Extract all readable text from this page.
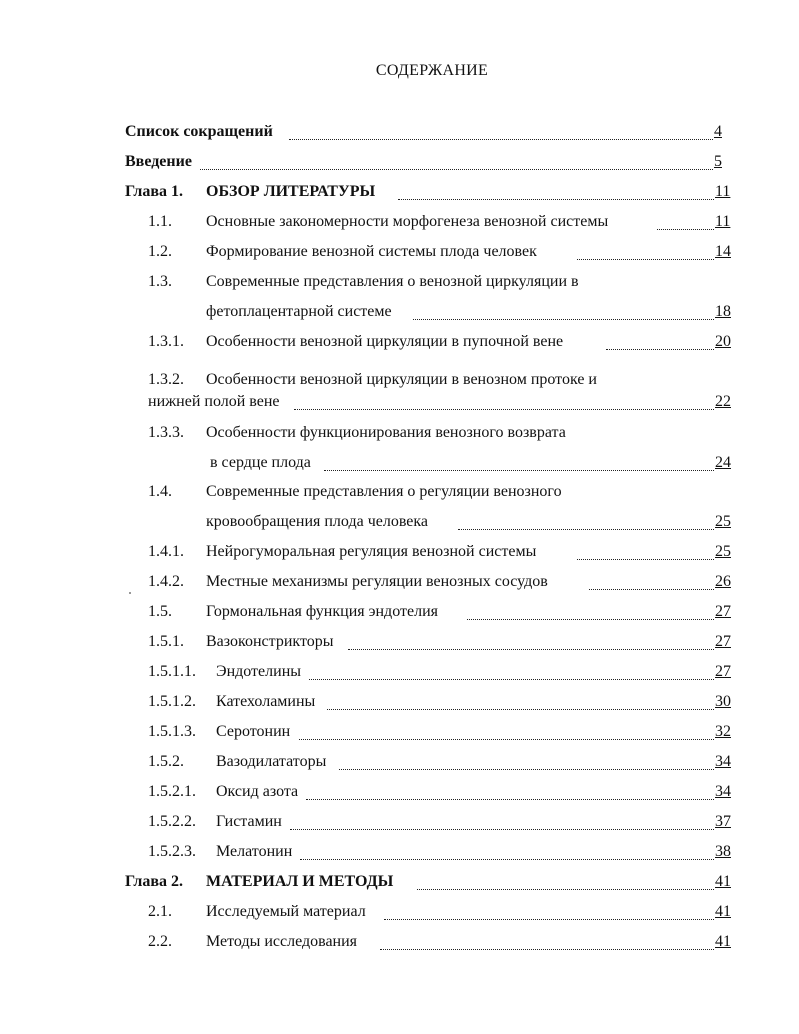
СОДЕРЖАНИЕ
Список сокращений	4
Введение	5
Глава 1. ОБЗОР ЛИТЕРАТУРЫ	11
1.1. Основные закономерности морфогенеза венозной системы	11
1.2. Формирование венозной системы плода человек	14
1.3. Современные представления о венозной циркуляции в
фетоплацентарной системе	18
1.3.1. Особенности венозной циркуляции в пупочной вене	20
1.3.2. Особенности венозной циркуляции в венозном протоке и
нижней полой вене	22
1.3.3. Особенности функционирования венозного возврата
в сердце плода	24
1.4. Современные представления о регуляции венозного
кровообращения плода человека	25
1.4.1. Нейрогуморальная регуляция венозной системы	25
1.4.2. Местные механизмы регуляции венозных сосудов	26
1.5. Гормональная функция эндотелия	27
1.5.1. Вазоконстрикторы	27
1.5.1.1. Эндотелины	27
1.5.1.2. Катехоламины	30
1.5.1.3. Серотонин	32
1.5.2. Вазодилататоры	34
1.5.2.1. Оксид азота	34
1.5.2.2. Гистамин	37
1.5.2.3. Мелатонин	38
Глава 2. МАТЕРИАЛ И МЕТОДЫ	41
2.1. Исследуемый материал	41
2.2. Методы исследования	41
